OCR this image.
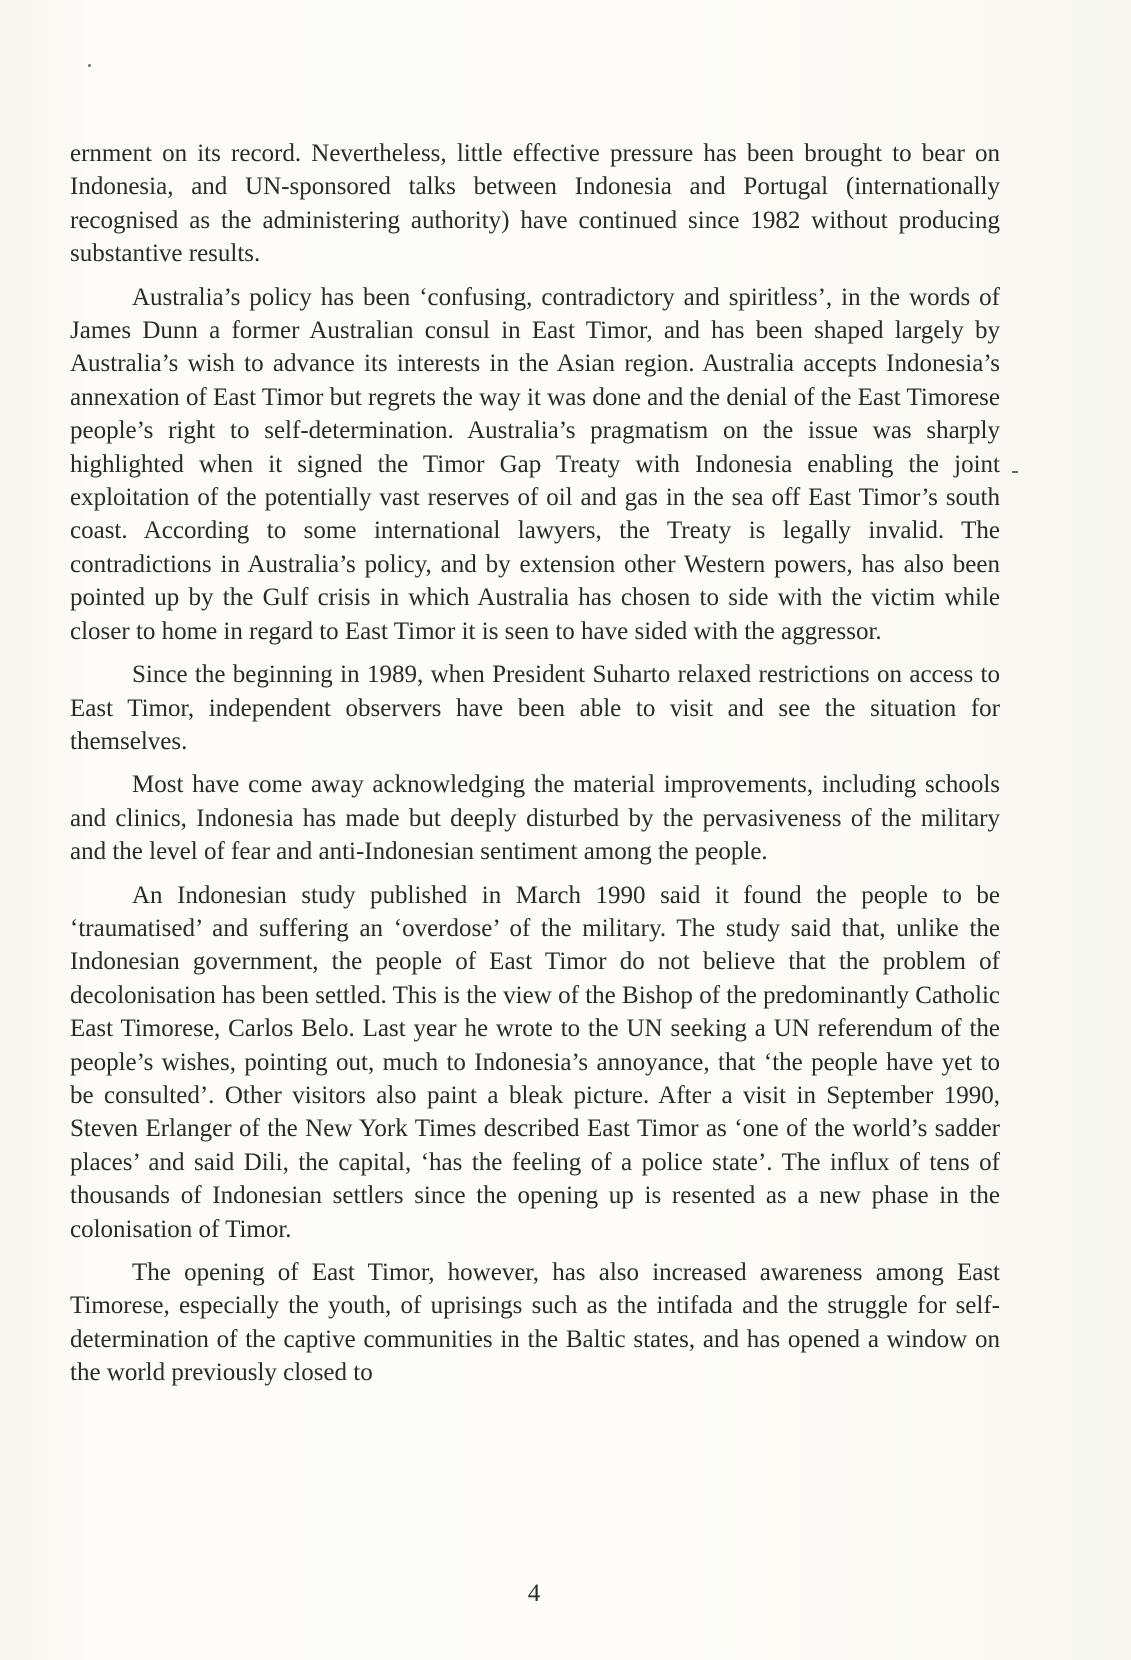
ernment on its record. Nevertheless, little effective pressure has been brought to bear on Indonesia, and UN-sponsored talks between Indonesia and Portugal (internationally recognised as the administering authority) have continued since 1982 without producing substantive results.

Australia’s policy has been ‘confusing, contradictory and spiritless’, in the words of James Dunn a former Australian consul in East Timor, and has been shaped largely by Australia’s wish to advance its interests in the Asian region. Australia accepts Indonesia’s annexation of East Timor but regrets the way it was done and the denial of the East Timorese people’s right to self-determination. Australia’s pragmatism on the issue was sharply highlighted when it signed the Timor Gap Treaty with Indonesia enabling the joint exploitation of the potentially vast reserves of oil and gas in the sea off East Timor’s south coast. According to some international lawyers, the Treaty is legally invalid. The contradictions in Australia’s policy, and by extension other Western powers, has also been pointed up by the Gulf crisis in which Australia has chosen to side with the victim while closer to home in regard to East Timor it is seen to have sided with the aggressor.

Since the beginning in 1989, when President Suharto relaxed restrictions on access to East Timor, independent observers have been able to visit and see the situation for themselves.

Most have come away acknowledging the material improvements, including schools and clinics, Indonesia has made but deeply disturbed by the pervasiveness of the military and the level of fear and anti-Indonesian sentiment among the people.

An Indonesian study published in March 1990 said it found the people to be ‘traumatised’ and suffering an ‘overdose’ of the military. The study said that, unlike the Indonesian government, the people of East Timor do not believe that the problem of decolonisation has been settled. This is the view of the Bishop of the predominantly Catholic East Timorese, Carlos Belo. Last year he wrote to the UN seeking a UN referendum of the people’s wishes, pointing out, much to Indonesia’s annoyance, that ‘the people have yet to be consulted’. Other visitors also paint a bleak picture. After a visit in September 1990, Steven Erlanger of the New York Times described East Timor as ‘one of the world’s sadder places’ and said Dili, the capital, ‘has the feeling of a police state’. The influx of tens of thousands of Indonesian settlers since the opening up is resented as a new phase in the colonisation of Timor.

The opening of East Timor, however, has also increased awareness among East Timorese, especially the youth, of uprisings such as the intifada and the struggle for self-determination of the captive communities in the Baltic states, and has opened a window on the world previously closed to

4
